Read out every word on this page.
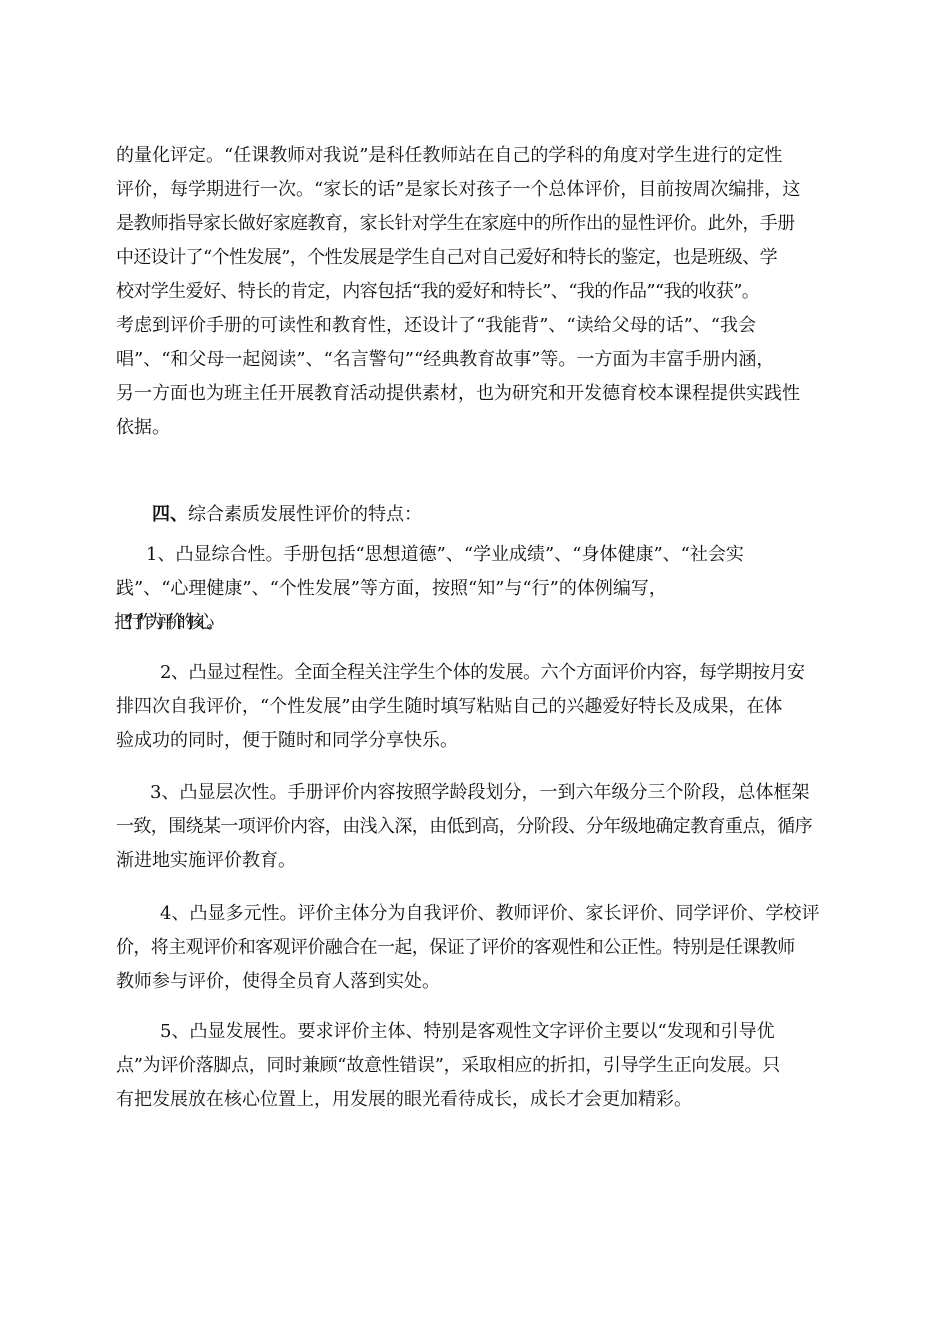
的量化评定。“任课教师对我说”是科任教师站在自己的学科的角度对学生进行的定性
评价，每学期进行一次。“家长的话”是家长对孩子一个总体评价，目前按周次编排，这
是教师指导家长做好家庭教育，家长针对学生在家庭中的所作出的显性评价。此外，手册
中还设计了“个性发展”，个性发展是学生自己对自己爱好和特长的鉴定，也是班级、学
校对学生爱好、特长的肯定，内容包括“我的爱好和特长”、“我的作品”“我的收获”。
考虑到评价手册的可读性和教育性，还设计了“我能背”、“读给父母的话”、“我会
唱”、“和父母一起阅读”、“名言警句”“经典教育故事”等。一方面为丰富手册内涵，
另一方面也为班主任开展教育活动提供素材，也为研究和开发德育校本课程提供实践性
依据。
四、综合素质发展性评价的特点：
1、凸显综合性。手册包括“思想道德”、“学业成绩”、“身体健康”、“社会实
践”、“心理健康”、“个性发展”等方面，按照“知”与“行”的体例编写，
把“行”作为评价的核心。
2、凸显过程性。全面全程关注学生个体的发展。六个方面评价内容，每学期按月安
排四次自我评价，“个性发展”由学生随时填写粘贴自己的兴趣爱好特长及成果，在体
验成功的同时，便于随时和同学分享快乐。
3、凸显层次性。手册评价内容按照学龄段划分，一到六年级分三个阶段，总体框架
一致，围绕某一项评价内容，由浅入深，由低到高，分阶段、分年级地确定教育重点，循序
渐进地实施评价教育。
4、凸显多元性。评价主体分为自我评价、教师评价、家长评价、同学评价、学校评
价，将主观评价和客观评价融合在一起，保证了评价的客观性和公正性。特别是任课教师
教师参与评价，使得全员育人落到实处。
5、凸显发展性。要求评价主体、特别是客观性文字评价主要以“发现和引导优
点”为评价落脚点，同时兼顾“故意性错误”，采取相应的折扣，引导学生正向发展。只
有把发展放在核心位置上，用发展的眼光看待成长，成长才会更加精彩。
